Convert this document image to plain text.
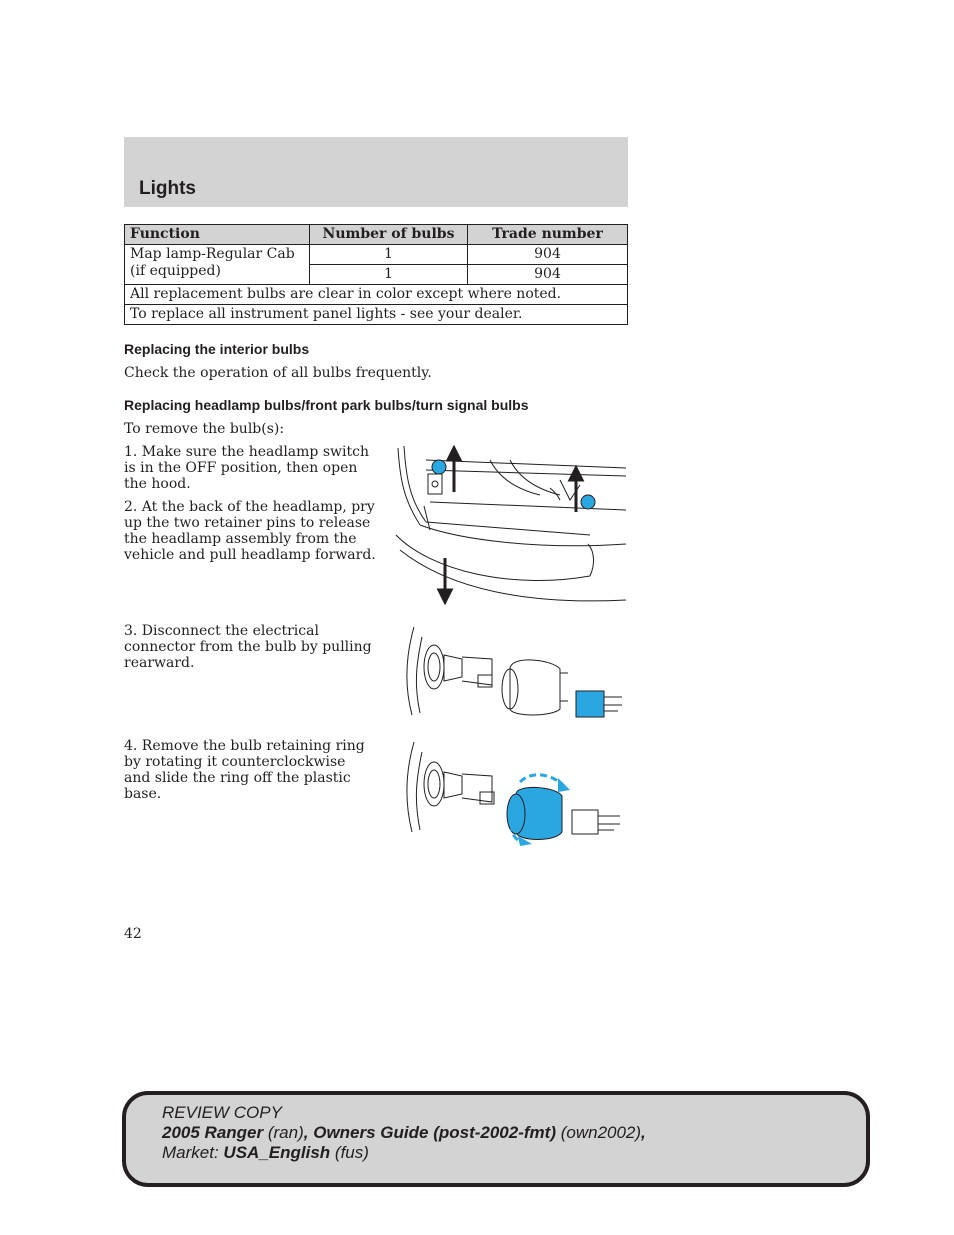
Lights
Function	Number of bulbs	Trade number
Map lamp-Regular Cab
(if equipped)	1	904
	1	904
All replacement bulbs are clear in color except where noted.		
To replace all instrument panel lights - see your dealer.		
Replacing the interior bulbs
Check the operation of all bulbs frequently.
Replacing headlamp bulbs/front park bulbs/turn signal bulbs
To remove the bulb(s):
1. Make sure the headlamp switch is in the OFF position, then open the hood.
2. At the back of the headlamp, pry up the two retainer pins to release the headlamp assembly from the vehicle and pull headlamp forward.
3. Disconnect the electrical connector from the bulb by pulling rearward.
4. Remove the bulb retaining ring by rotating it counterclockwise and slide the ring off the plastic base.
42
REVIEW COPY
2005 Ranger (ran), Owners Guide (post-2002-fmt) (own2002),
Market: USA_English (fus)
